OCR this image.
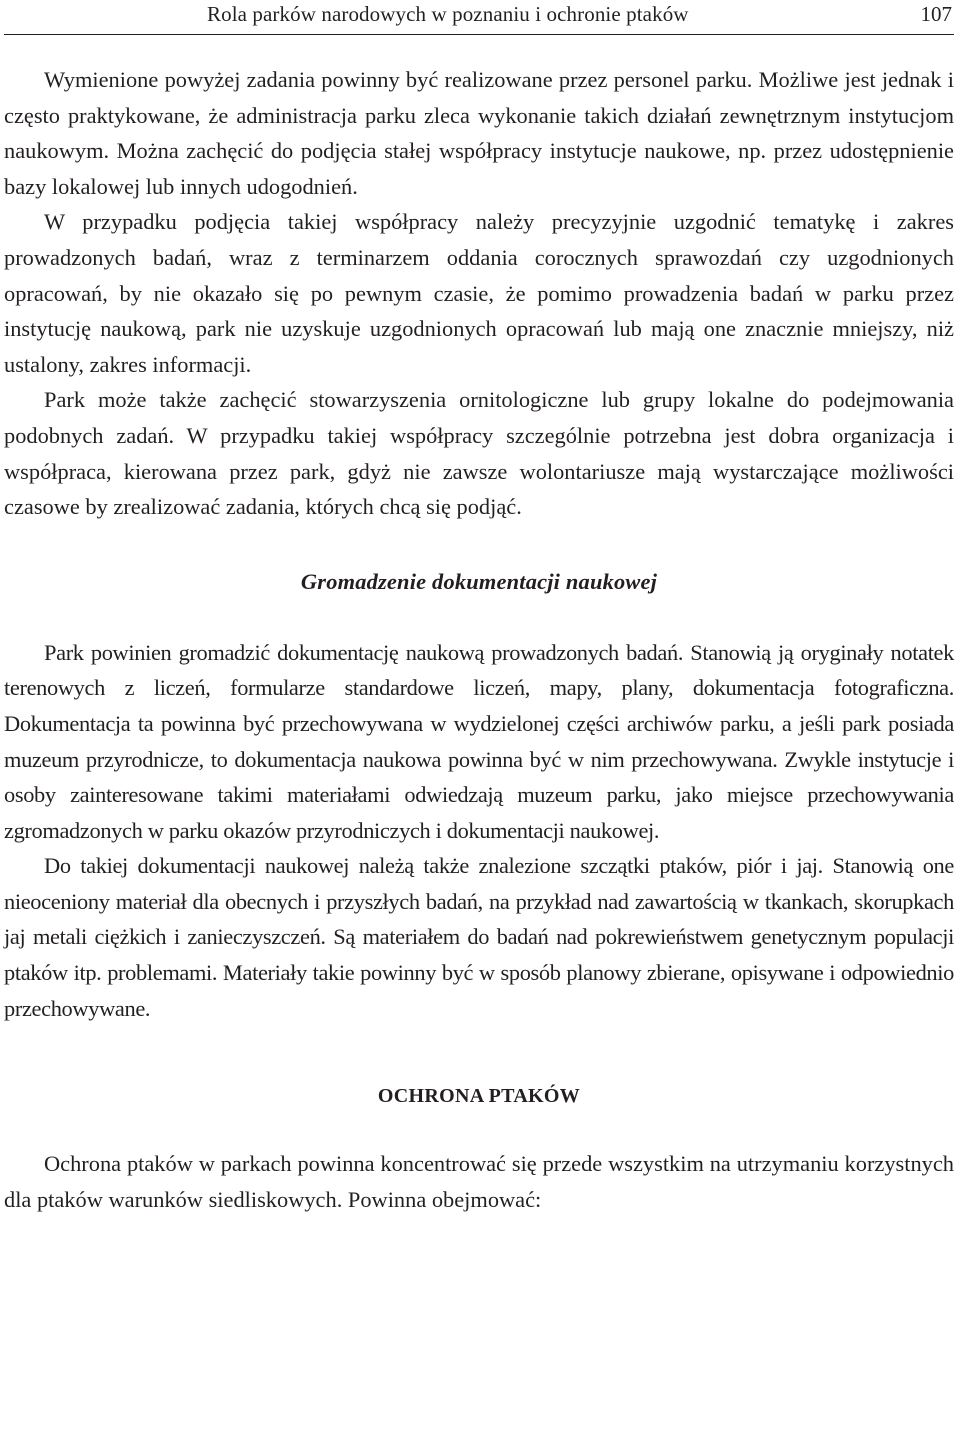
Rola parków narodowych w poznaniu i ochronie ptaków	107

Wymienione powyżej zadania powinny być realizowane przez personel parku. Możliwe jest jednak i często praktykowane, że administracja parku zleca wykonanie takich działań zewnętrznym instytucjom naukowym. Można zachęcić do podjęcia stałej współpracy instytucje naukowe, np. przez udostępnienie bazy lokalowej lub innych udogodnień.

W przypadku podjęcia takiej współpracy należy precyzyjnie uzgodnić tematykę i zakres prowadzonych badań, wraz z terminarzem oddania corocznych sprawozdań czy uzgodnionych opracowań, by nie okazało się po pewnym czasie, że pomimo prowadzenia badań w parku przez instytucję naukową, park nie uzyskuje uzgodnionych opracowań lub mają one znacznie mniejszy, niż ustalony, zakres informacji.

Park może także zachęcić stowarzyszenia ornitologiczne lub grupy lokalne do podejmowania podobnych zadań. W przypadku takiej współpracy szczególnie potrzebna jest dobra organizacja i współpraca, kierowana przez park, gdyż nie zawsze wolontariusze mają wystarczające możliwości czasowe by zrealizować zadania, których chcą się podjąć.

Gromadzenie dokumentacji naukowej

Park powinien gromadzić dokumentację naukową prowadzonych badań. Stanowią ją oryginały notatek terenowych z liczeń, formularze standardowe liczeń, mapy, plany, dokumentacja fotograficzna. Dokumentacja ta powinna być przechowywana w wydzielonej części archiwów parku, a jeśli park posiada muzeum przyrodnicze, to dokumentacja naukowa powinna być w nim przechowywana. Zwykle instytucje i osoby zainteresowane takimi materiałami odwiedzają muzeum parku, jako miejsce przechowywania zgromadzonych w parku okazów przyrodniczych i dokumentacji naukowej.

Do takiej dokumentacji naukowej należą także znalezione szczątki ptaków, piór i jaj. Stanowią one nieoceniony materiał dla obecnych i przyszłych badań, na przykład nad zawartością w tkankach, skorupkach jaj metali ciężkich i zanieczyszczeń. Są materiałem do badań nad pokrewieństwem genetycznym populacji ptaków itp. problemami. Materiały takie powinny być w sposób planowy zbierane, opisywane i odpowiednio przechowywane.

OCHRONA PTAKÓW

Ochrona ptaków w parkach powinna koncentrować się przede wszystkim na utrzymaniu korzystnych dla ptaków warunków siedliskowych. Powinna obejmować:
